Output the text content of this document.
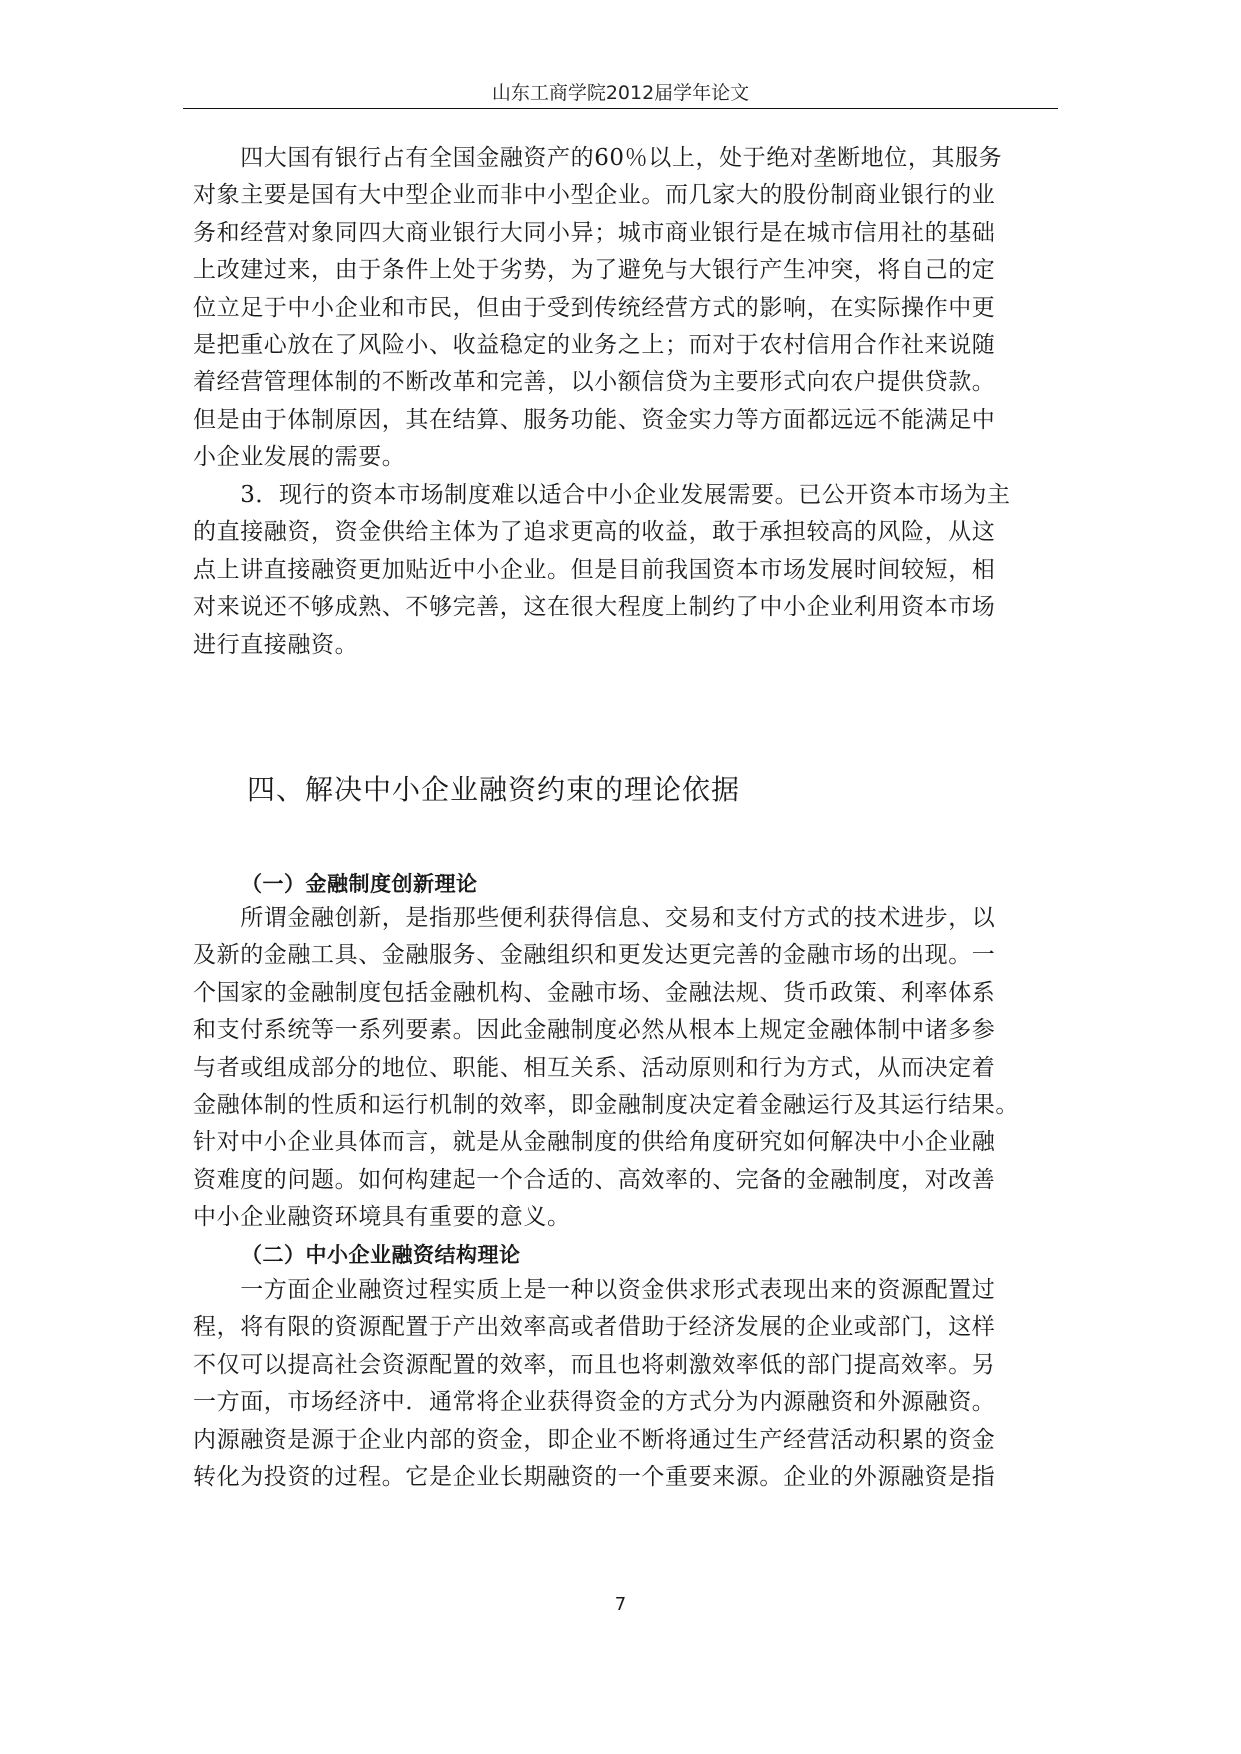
山东工商学院2012届学年论文

　　四大国有银行占有全国金融资产的60％以上，处于绝对垄断地位，其服务
对象主要是国有大中型企业而非中小型企业。而几家大的股份制商业银行的业
务和经营对象同四大商业银行大同小异；城市商业银行是在城市信用社的基础
上改建过来，由于条件上处于劣势，为了避免与大银行产生冲突，将自己的定
位立足于中小企业和市民，但由于受到传统经营方式的影响，在实际操作中更
是把重心放在了风险小、收益稳定的业务之上；而对于农村信用合作社来说随
着经营管理体制的不断改革和完善，以小额信贷为主要形式向农户提供贷款。
但是由于体制原因，其在结算、服务功能、资金实力等方面都远远不能满足中
小企业发展的需要。

　　3．现行的资本市场制度难以适合中小企业发展需要。已公开资本市场为主
的直接融资，资金供给主体为了追求更高的收益，敢于承担较高的风险，从这
点上讲直接融资更加贴近中小企业。但是目前我国资本市场发展时间较短，相
对来说还不够成熟、不够完善，这在很大程度上制约了中小企业利用资本市场
进行直接融资。

四、解决中小企业融资约束的理论依据
（一）金融制度创新理论

　　所谓金融创新，是指那些便利获得信息、交易和支付方式的技术进步，以
及新的金融工具、金融服务、金融组织和更发达更完善的金融市场的出现。一
个国家的金融制度包括金融机构、金融市场、金融法规、货币政策、利率体系
和支付系统等一系列要素。因此金融制度必然从根本上规定金融体制中诸多参
与者或组成部分的地位、职能、相互关系、活动原则和行为方式，从而决定着
金融体制的性质和运行机制的效率，即金融制度决定着金融运行及其运行结果。
针对中小企业具体而言，就是从金融制度的供给角度研究如何解决中小企业融
资难度的问题。如何构建起一个合适的、高效率的、完备的金融制度，对改善
中小企业融资环境具有重要的意义。

（二）中小企业融资结构理论

　　一方面企业融资过程实质上是一种以资金供求形式表现出来的资源配置过
程，将有限的资源配置于产出效率高或者借助于经济发展的企业或部门，这样
不仅可以提高社会资源配置的效率，而且也将刺激效率低的部门提高效率。另
一方面，市场经济中．通常将企业获得资金的方式分为内源融资和外源融资。
内源融资是源于企业内部的资金，即企业不断将通过生产经营活动积累的资金
转化为投资的过程。它是企业长期融资的一个重要来源。企业的外源融资是指

7
